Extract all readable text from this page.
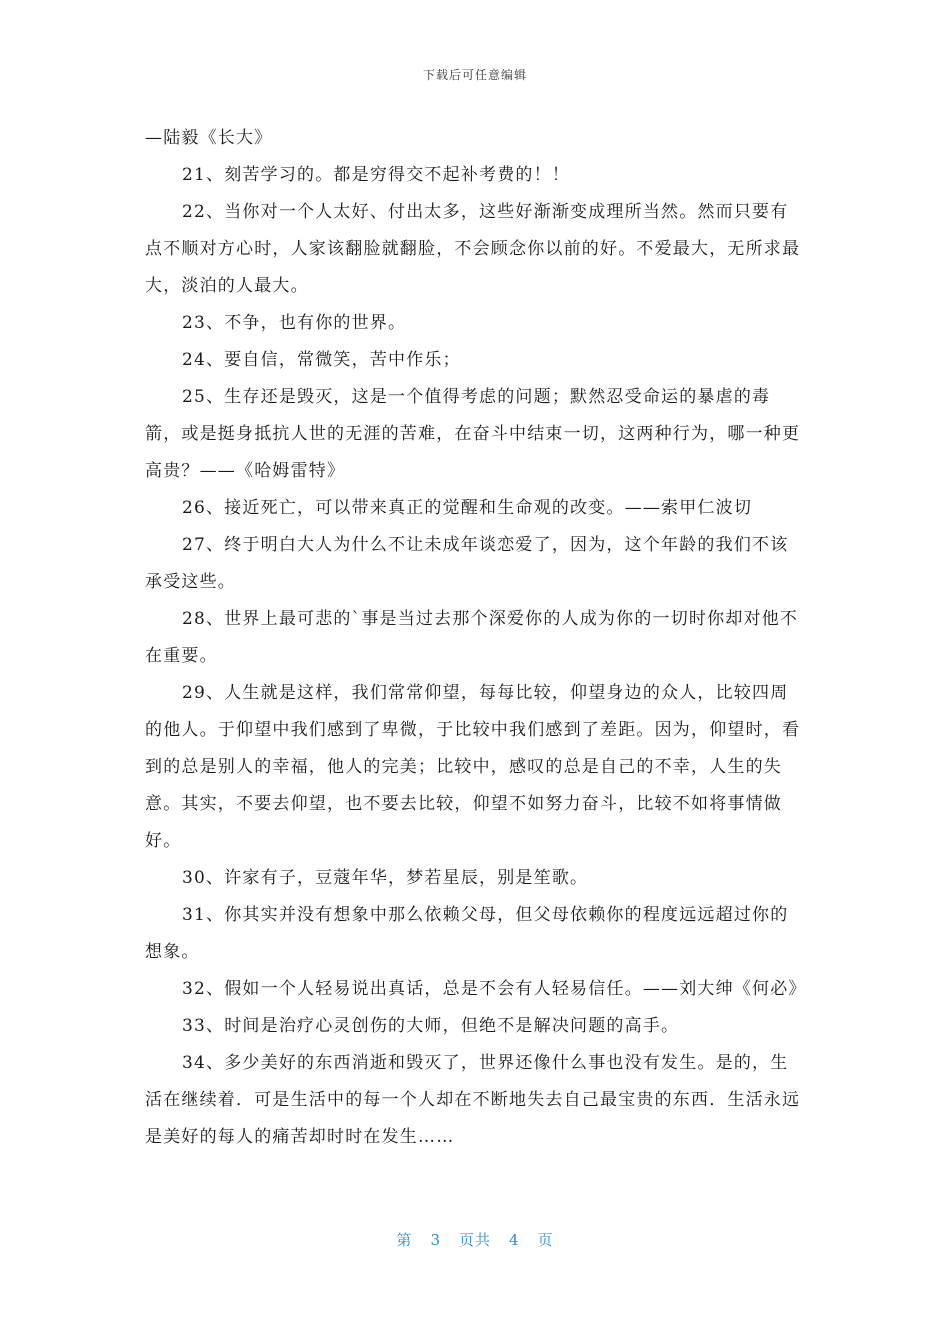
下载后可任意编辑

—陆毅《长大》

21、刻苦学习的。都是穷得交不起补考费的！！

22、当你对一个人太好、付出太多，这些好渐渐变成理所当然。然而只要有点不顺对方心时，人家该翻脸就翻脸，不会顾念你以前的好。不爱最大，无所求最大，淡泊的人最大。

23、不争，也有你的世界。

24、要自信，常微笑，苦中作乐；

25、生存还是毁灭，这是一个值得考虑的问题；默然忍受命运的暴虐的毒箭，或是挺身抵抗人世的无涯的苦难，在奋斗中结束一切，这两种行为，哪一种更高贵？——《哈姆雷特》

26、接近死亡，可以带来真正的觉醒和生命观的改变。——索甲仁波切

27、终于明白大人为什么不让未成年谈恋爱了，因为，这个年龄的我们不该承受这些。

28、世界上最可悲的`事是当过去那个深爱你的人成为你的一切时你却对他不在重要。

29、人生就是这样，我们常常仰望，每每比较，仰望身边的众人，比较四周的他人。于仰望中我们感到了卑微，于比较中我们感到了差距。因为，仰望时，看到的总是别人的幸福，他人的完美；比较中，感叹的总是自己的不幸，人生的失意。其实，不要去仰望，也不要去比较，仰望不如努力奋斗，比较不如将事情做好。

30、许家有子，豆蔻年华，梦若星辰，别是笙歌。

31、你其实并没有想象中那么依赖父母，但父母依赖你的程度远远超过你的想象。

32、假如一个人轻易说出真话，总是不会有人轻易信任。——刘大绅《何必》

33、时间是治疗心灵创伤的大师，但绝不是解决问题的高手。

34、多少美好的东西消逝和毁灭了，世界还像什么事也没有发生。是的，生活在继续着．可是生活中的每一个人却在不断地失去自己最宝贵的东西．生活永远是美好的每人的痛苦却时时在发生……

第 3 页共 4 页
